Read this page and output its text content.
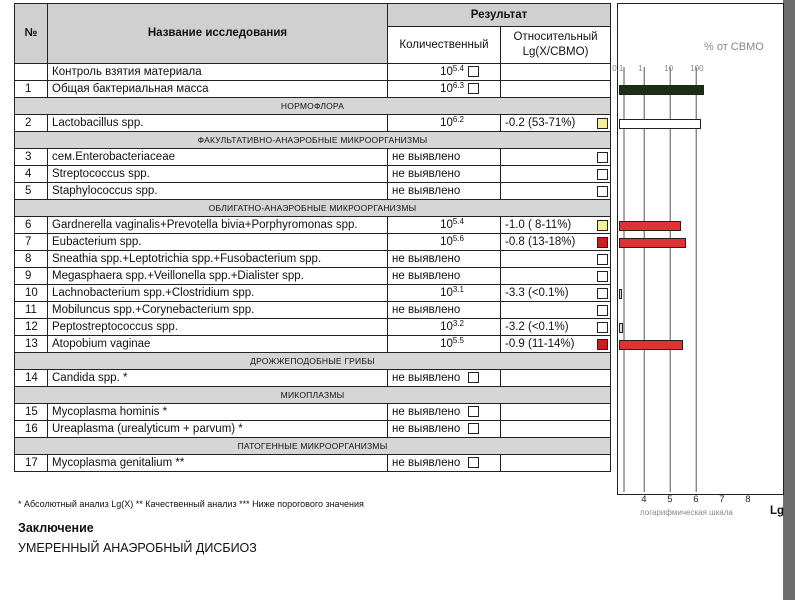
№	Название исследования	Результат	
		Количественный	Относительный
Lg(X/СВМО)
	Контроль взятия материала	$10^{5.4}$	
1	Общая бактериальная масса	$10^{6.3}$	
НОРМОФЛОРА			
2	Lactobacillus spp.	$10^{6.2}$	-0.2 (53-71%)

ФАКУЛЬТАТИВНО-АНАЭРОБНЫЕ МИКРООРГАНИЗМЫ			
3	сем.Enterobacteriaceae	не выявлено	

4	Streptococcus spp.	не выявлено	

5	Staphylococcus spp.	не выявлено	

ОБЛИГАТНО-АНАЭРОБНЫЕ МИКРООРГАНИЗМЫ			
6	Gardnerella vaginalis+Prevotella bivia+Porphyromonas spp.	$10^{5.4}$	-1.0 ( 8-11%)

7	Eubacterium spp.	$10^{5.6}$	-0.8 (13-18%)

8	Sneathia spp.+Leptotrichia spp.+Fusobacterium spp.	не выявлено	

9	Megasphaera spp.+Veillonella spp.+Dialister spp.	не выявлено	

10	Lachnobacterium spp.+Clostridium spp.	$10^{3.1}$	-3.3 (<0.1%)

11	Mobiluncus spp.+Corynebacterium spp.	не выявлено	

12	Peptostreptococcus spp.	$10^{3.2}$	-3.2 (<0.1%)

13	Atopobium vaginae	$10^{5.5}$	-0.9 (11-14%)

ДРОЖЖЕПОДОБНЫЕ ГРИБЫ			
14	Candida spp. *	не выявлено	
МИКОПЛАЗМЫ			
15	Mycoplasma hominis *	не выявлено	
16	Ureaplasma (urealyticum + parvum) *	не выявлено	
ПАТОГЕННЫЕ МИКРООРГАНИЗМЫ			
17	Mycoplasma genitalium **	не выявлено	
* Абсолютный анализ Lg(X) ** Качественный анализ *** Ниже порогового значения
Заключение
УМЕРЕННЫЙ АНАЭРОБНЫЙ ДИСБИОЗ
% от СВМО
логарифмическая шкала	Lg
0.1 1	10 100
4 5 6 7 8
